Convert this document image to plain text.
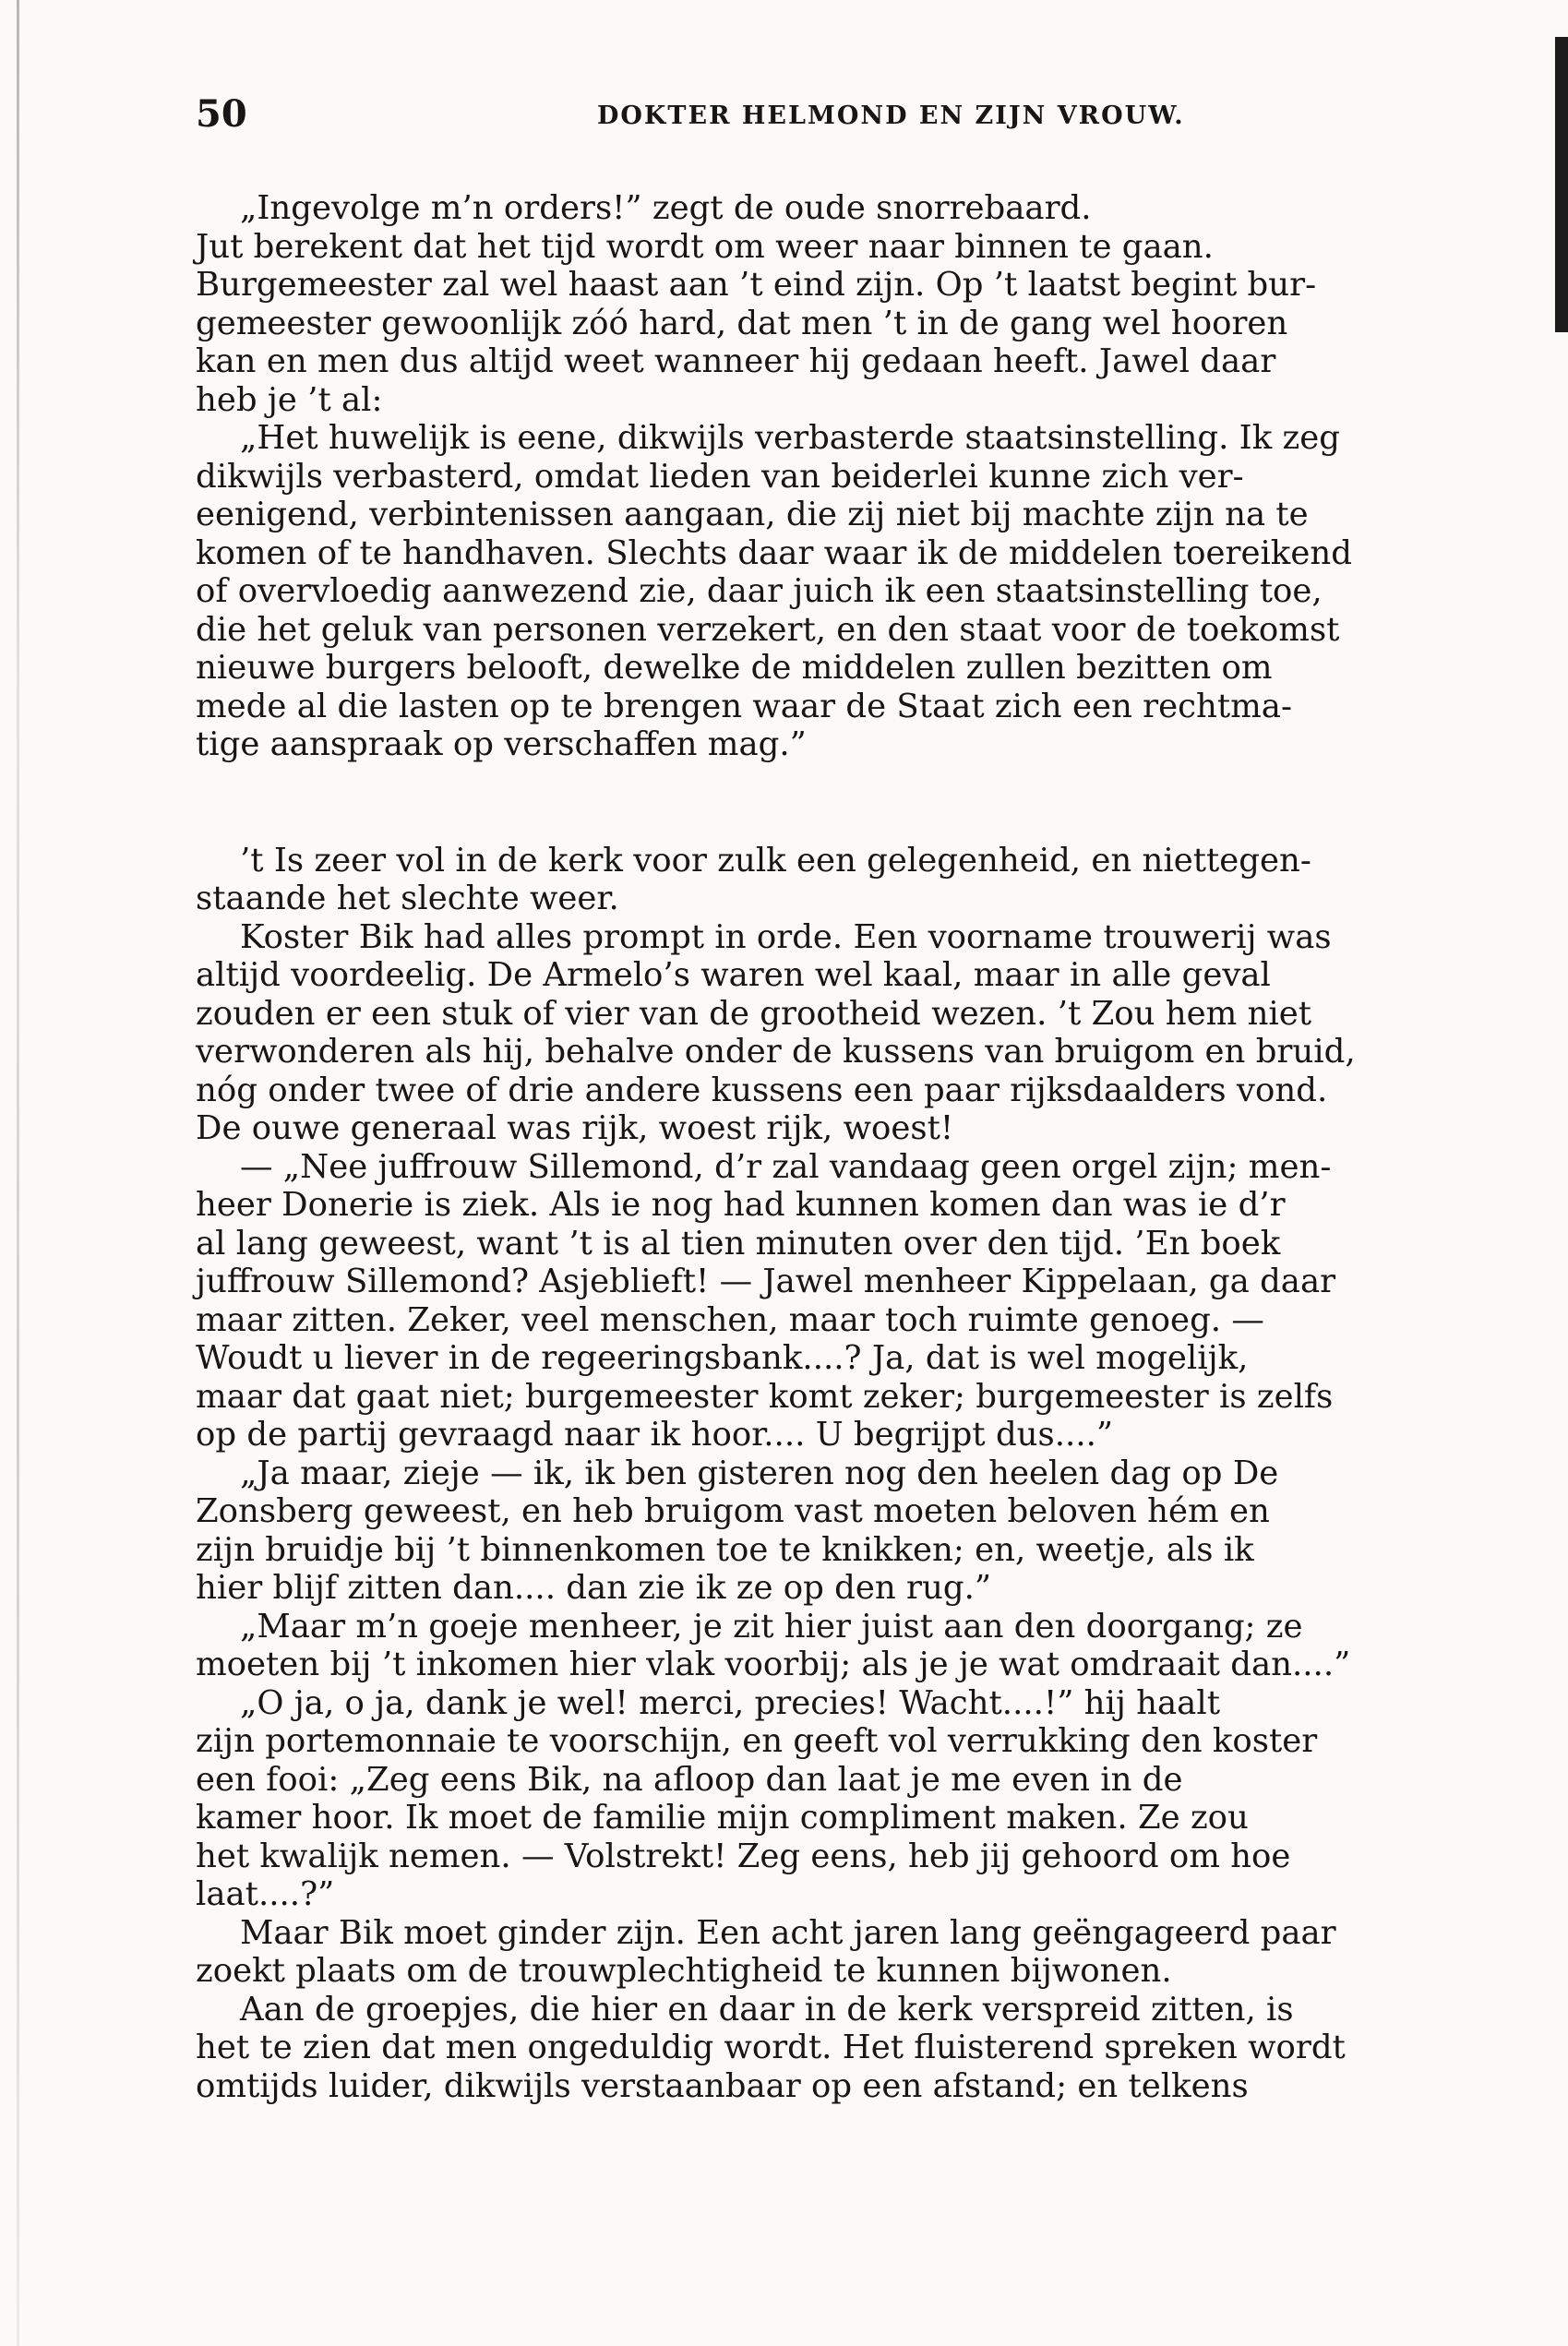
50	DOKTER HELMOND EN ZIJN VROUW.
„Ingevolge m’n orders!” zegt de oude snorrebaard.
Jut berekent dat het tijd wordt om weer naar binnen te gaan.
Burgemeester zal wel haast aan ’t eind zijn. Op ’t laatst begint bur-
gemeester gewoonlijk zóó hard, dat men ’t in de gang wel hooren
kan en men dus altijd weet wanneer hij gedaan heeft. Jawel daar
heb je ’t al:
„Het huwelijk is eene, dikwijls verbasterde staatsinstelling. Ik zeg
dikwijls verbasterd, omdat lieden van beiderlei kunne zich ver-
eenigend, verbintenissen aangaan, die zij niet bij machte zijn na te
komen of te handhaven. Slechts daar waar ik de middelen toereikend
of overvloedig aanwezend zie, daar juich ik een staatsinstelling toe,
die het geluk van personen verzekert, en den staat voor de toekomst
nieuwe burgers belooft, dewelke de middelen zullen bezitten om
mede al die lasten op te brengen waar de Staat zich een rechtma-
tige aanspraak op verschaffen mag.”
’t Is zeer vol in de kerk voor zulk een gelegenheid, en niettegen-
staande het slechte weer.
Koster Bik had alles prompt in orde. Een voorname trouwerij was
altijd voordeelig. De Armelo’s waren wel kaal, maar in alle geval
zouden er een stuk of vier van de grootheid wezen. ’t Zou hem niet
verwonderen als hij, behalve onder de kussens van bruigom en bruid,
nóg onder twee of drie andere kussens een paar rijksdaalders vond.
De ouwe generaal was rijk, woest rijk, woest!
— „Nee juffrouw Sillemond, d’r zal vandaag geen orgel zijn; men-
heer Donerie is ziek. Als ie nog had kunnen komen dan was ie d’r
al lang geweest, want ’t is al tien minuten over den tijd. ’En boek
juffrouw Sillemond? Asjeblieft! — Jawel menheer Kippelaan, ga daar
maar zitten. Zeker, veel menschen, maar toch ruimte genoeg. —
Woudt u liever in de regeeringsbank....? Ja, dat is wel mogelijk,
maar dat gaat niet; burgemeester komt zeker; burgemeester is zelfs
op de partij gevraagd naar ik hoor.... U begrijpt dus....”
„Ja maar, zieje — ik, ik ben gisteren nog den heelen dag op De
Zonsberg geweest, en heb bruigom vast moeten beloven hém en
zijn bruidje bij ’t binnenkomen toe te knikken; en, weetje, als ik
hier blijf zitten dan.... dan zie ik ze op den rug.”
„Maar m’n goeje menheer, je zit hier juist aan den doorgang; ze
moeten bij ’t inkomen hier vlak voorbij; als je je wat omdraait dan....”
„O ja, o ja, dank je wel! merci, precies! Wacht....!” hij haalt
zijn portemonnaie te voorschijn, en geeft vol verrukking den koster
een fooi: „Zeg eens Bik, na afloop dan laat je me even in de
kamer hoor. Ik moet de familie mijn compliment maken. Ze zou
het kwalijk nemen. — Volstrekt! Zeg eens, heb jij gehoord om hoe
laat....?”
Maar Bik moet ginder zijn. Een acht jaren lang geëngageerd paar
zoekt plaats om de trouwplechtigheid te kunnen bijwonen.
Aan de groepjes, die hier en daar in de kerk verspreid zitten, is
het te zien dat men ongeduldig wordt. Het fluisterend spreken wordt
omtijds luider, dikwijls verstaanbaar op een afstand; en telkens
